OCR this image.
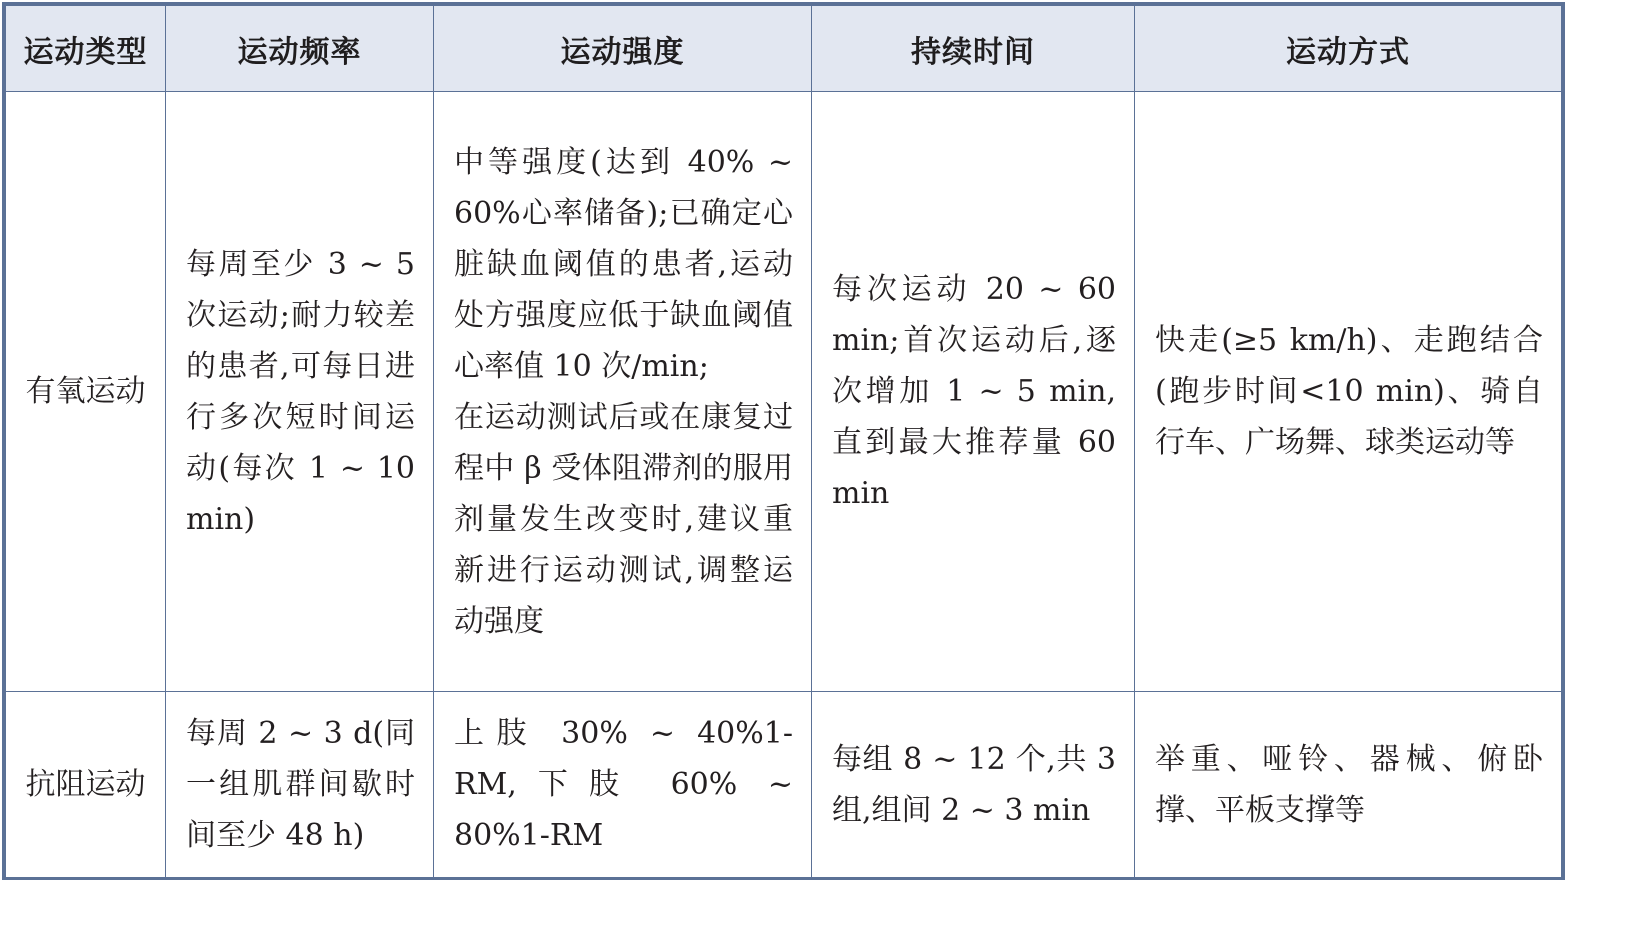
运动类型	运动频率	运动强度	持续时间	运动方式
有氧运动	每周至少 3 ~ 5 次运动;耐力较差的患者,可每日进行多次短时间运动(每次 1 ~ 10 min)	中等强度(达到 40% ~ 60%心率储备);已确定心脏缺血阈值的患者,运动处方强度应低于缺血阈值心率值 10 次/min;
在运动测试后或在康复过程中 β 受体阻滞剂的服用剂量发生改变时,建议重新进行运动测试,调整运动强度	每次运动 20 ~ 60 min;首次运动后,逐次增加 1 ~ 5 min,直到最大推荐量 60 min	快走(≥5 km/h)、走跑结合(跑步时间<10 min)、骑自行车、广场舞、球类运动等
抗阻运动	每周 2 ~ 3 d(同一组肌群间歇时间至少 48 h)	上肢 30% ~ 40%1-RM,下肢 60% ~ 80%1-RM	每组 8 ~ 12 个,共 3 组,组间 2 ~ 3 min	举重、哑铃、器械、俯卧撑、平板支撑等
